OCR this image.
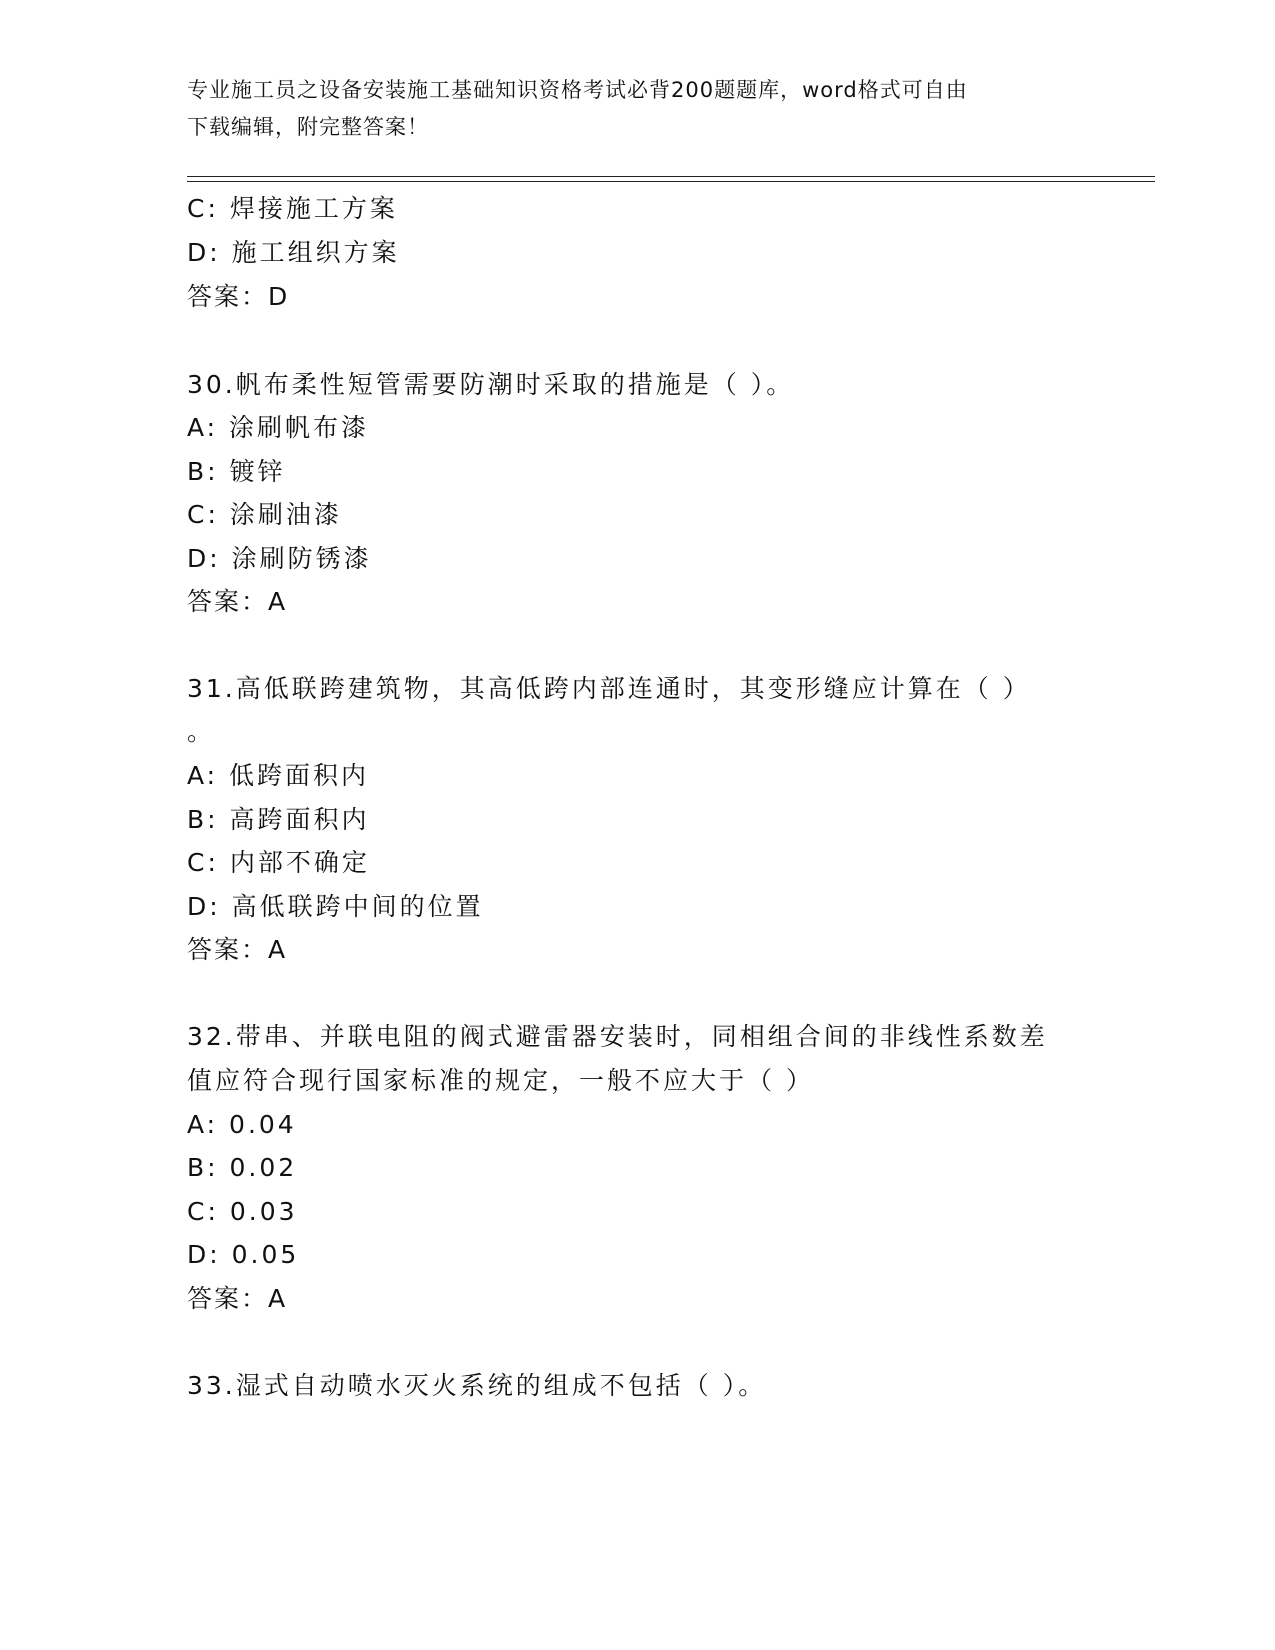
专业施工员之设备安装施工基础知识资格考试必背200题题库，word格式可自由
下载编辑，附完整答案！
C: 焊接施工方案
D: 施工组织方案
答案：D
30.帆布柔性短管需要防潮时采取的措施是（ ）。
A: 涂刷帆布漆
B: 镀锌
C: 涂刷油漆
D: 涂刷防锈漆
答案：A
31.高低联跨建筑物，其高低跨内部连通时，其变形缝应计算在（ ）
。
A: 低跨面积内
B: 高跨面积内
C: 内部不确定
D: 高低联跨中间的位置
答案：A
32.带串、并联电阻的阀式避雷器安装时，同相组合间的非线性系数差
值应符合现行国家标准的规定，一般不应大于（ ）
A: 0.04
B: 0.02
C: 0.03
D: 0.05
答案：A
33.湿式自动喷水灭火系统的组成不包括（ ）。
